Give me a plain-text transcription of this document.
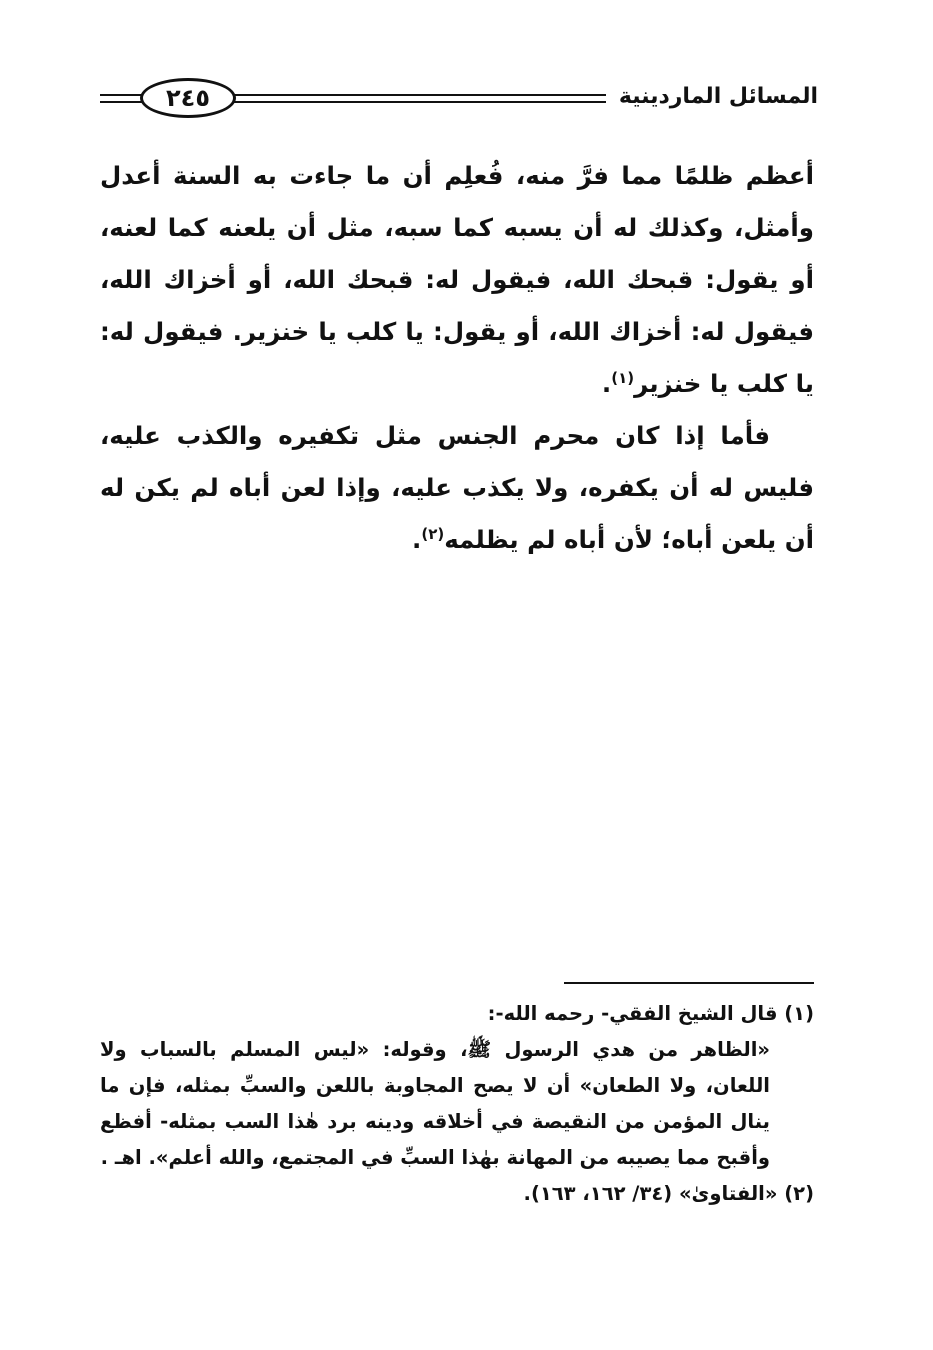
٢٤٥	المسائل الماردينية

أعظم ظلمًا مما فرَّ منه، فُعلِم أن ما جاءت به السنة أعدل وأمثل، وكذلك له أن يسبه كما سبه، مثل أن يلعنه كما لعنه، أو يقول: قبحك الله، فيقول له: قبحك الله، أو أخزاك الله، فيقول له: أخزاك الله، أو يقول: يا كلب يا خنزير. فيقول له: يا كلب يا خنزير$^{(١)}$.

فأما إذا كان محرم الجنس مثل تكفيره والكذب عليه، فليس له أن يكفره، ولا يكذب عليه، وإذا لعن أباه لم يكن له أن يلعن أباه؛ لأن أباه لم يظلمه$^{(٢)}$.

(١) قال الشيخ الفقي- رحمه الله-:

«الظاهر من هدي الرسول ﷺ، وقوله: «ليس المسلم بالسباب ولا اللعان، ولا الطعان» أن لا يصح المجاوبة باللعن والسبِّ بمثله، فإن ما ينال المؤمن من النقيصة في أخلاقه ودينه برد هٰذا السب بمثله- أفظع وأقبح مما يصيبه من المهانة بهٰذا السبِّ في المجتمع، والله أعلم». اهـ .

(٢) «الفتاوىٰ» (٣٤/ ١٦٢، ١٦٣).
